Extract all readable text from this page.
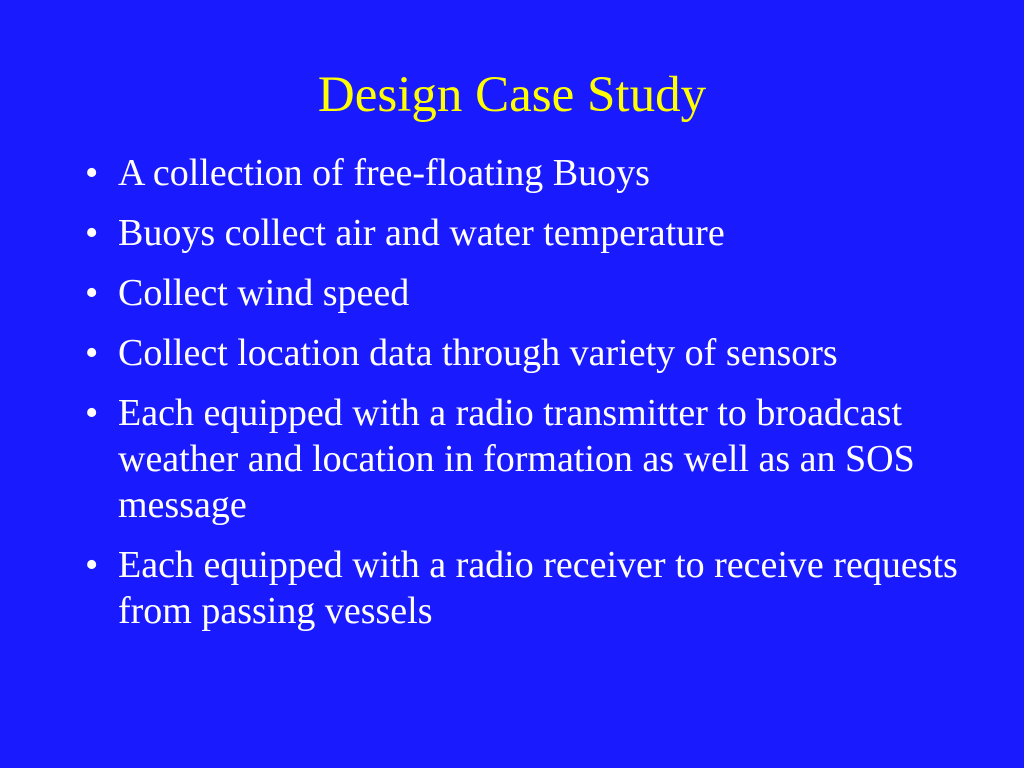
Design Case Study
• A collection of free-floating Buoys
• Buoys collect air and water temperature
• Collect wind speed
• Collect location data through variety of sensors
• Each equipped with a radio transmitter to broadcast weather and location in formation as well as an SOS message
• Each equipped with a radio receiver to receive requests from passing vessels
